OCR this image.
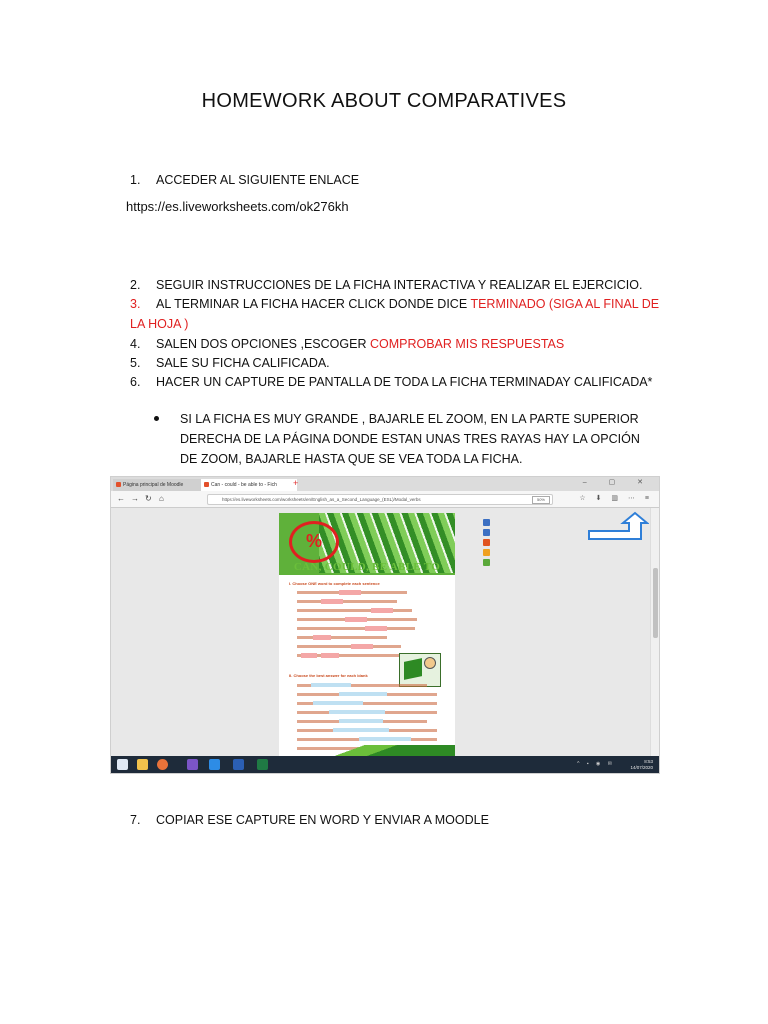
HOMEWORK ABOUT COMPARATIVES
1. ACCEDER AL SIGUIENTE ENLACE
https://es.liveworksheets.com/ok276kh
2. SEGUIR INSTRUCCIONES DE LA FICHA INTERACTIVA Y REALIZAR EL EJERCICIO.
3. AL TERMINAR LA FICHA HACER CLICK DONDE DICE TERMINADO (SIGA AL FINAL DE LA HOJA )
4. SALEN DOS OPCIONES ,ESCOGER COMPROBAR MIS RESPUESTAS
5. SALE SU FICHA CALIFICADA.
6. HACER UN CAPTURE DE PANTALLA DE TODA LA FICHA TERMINADAY CALIFICADA*
SI LA FICHA ES MUY GRANDE , BAJARLE EL ZOOM, EN LA PARTE SUPERIOR DERECHA DE LA PÁGINA DONDE ESTAN UNAS TRES RAYAS HAY LA OPCIÓN DE ZOOM, BAJARLE HASTA QUE SE VEA TODA LA FICHA.
Página principal de Moodle	Can - could - be able to - Fich	+	– ▢ ✕
← → ↻ ⌂	https://es.liveworksheets.com/worksheets/en/English_as_a_Second_Language_(ESL)/Modal_verbs	50%	☆ ⬇ ▥ ⋯ ≡
%
CAN, COULD, BE ABLE TO
I. Choose ONE word to complete each sentence
II. Choose the best answer for each blank
^ ▪ ◉ ✉	8:53
14/07/2020
7. COPIAR ESE CAPTURE EN WORD Y ENVIAR A MOODLE
